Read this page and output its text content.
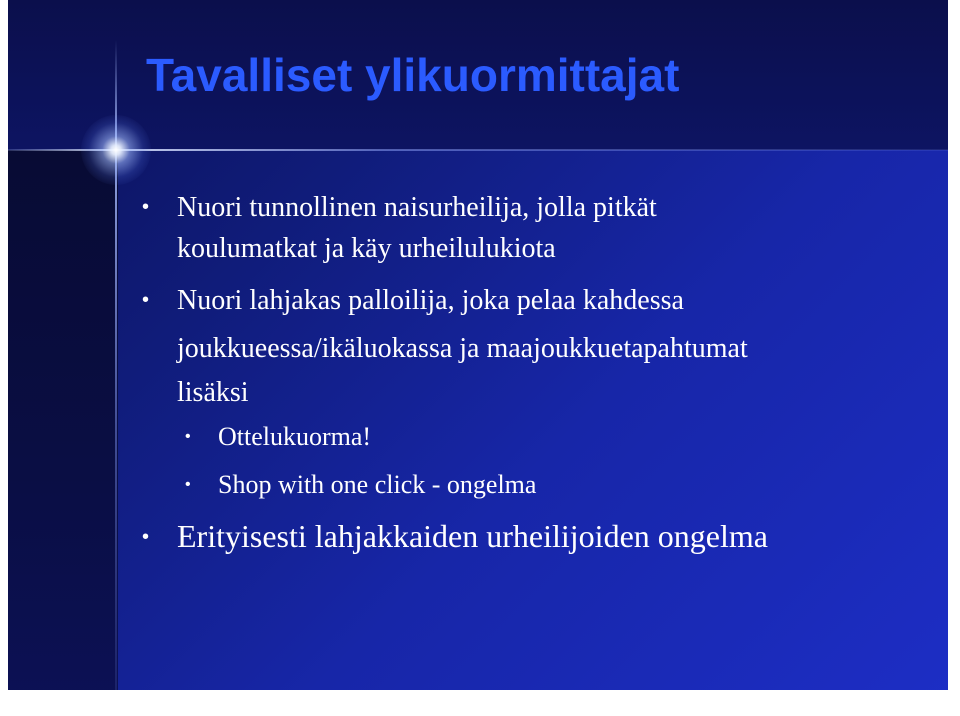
Tavalliset ylikuormittajat
• Nuori tunnollinen naisurheilija, jolla pitkät

koulumatkat ja käy urheilulukiota

• Nuori lahjakas palloilija, joka pelaa kahdessa

joukkueessa/ikäluokassa ja maajoukkuetapahtumat

lisäksi

• Ottelukuorma!

• Shop with one click - ongelma

• Erityisesti lahjakkaiden urheilijoiden ongelma
